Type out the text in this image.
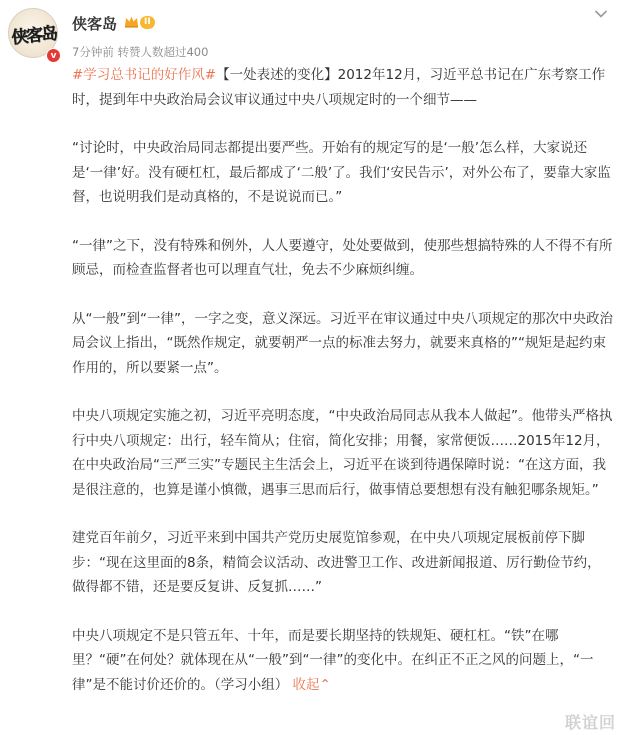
侠客岛
v
侠客岛	II
7分钟前 转赞人数超过400

#学习总书记的好作风#【一处表述的变化】2012年12月，习近平总书记在广东考察工作时，提到年中央政治局会议审议通过中央八项规定时的一个细节——

“讨论时，中央政治局同志都提出要严些。开始有的规定写的是‘一般’怎么样，大家说还是‘一律’好。没有硬杠杠，最后都成了‘二般’了。我们‘安民告示’，对外公布了，要靠大家监督，也说明我们是动真格的，不是说说而已。”

“一律”之下，没有特殊和例外，人人要遵守，处处要做到，使那些想搞特殊的人不得不有所顾忌，而检查监督者也可以理直气壮，免去不少麻烦纠缠。

从“一般”到“一律”，一字之变，意义深远。习近平在审议通过中央八项规定的那次中央政治局会议上指出，“既然作规定，就要朝严一点的标准去努力，就要来真格的”“规矩是起约束作用的，所以要紧一点”。

中央八项规定实施之初，习近平亮明态度，“中央政治局同志从我本人做起”。他带头严格执行中央八项规定：出行，轻车简从；住宿，简化安排；用餐，家常便饭……2015年12月，在中央政治局“三严三实”专题民主生活会上，习近平在谈到待遇保障时说：“在这方面，我是很注意的，也算是谨小慎微，遇事三思而后行，做事情总要想想有没有触犯哪条规矩。”

建党百年前夕，习近平来到中国共产党历史展览馆参观，在中央八项规定展板前停下脚步：“现在这里面的8条，精简会议活动、改进警卫工作、改进新闻报道、厉行勤俭节约，做得都不错，还是要反复讲、反复抓……”

中央八项规定不是只管五年、十年，而是要长期坚持的铁规矩、硬杠杠。“铁”在哪里？“硬”在何处？就体现在从“一般”到“一律”的变化中。在纠正不正之风的问题上，“一律”是不能讨价还价的。（学习小组） 收起⌃

联谊回
